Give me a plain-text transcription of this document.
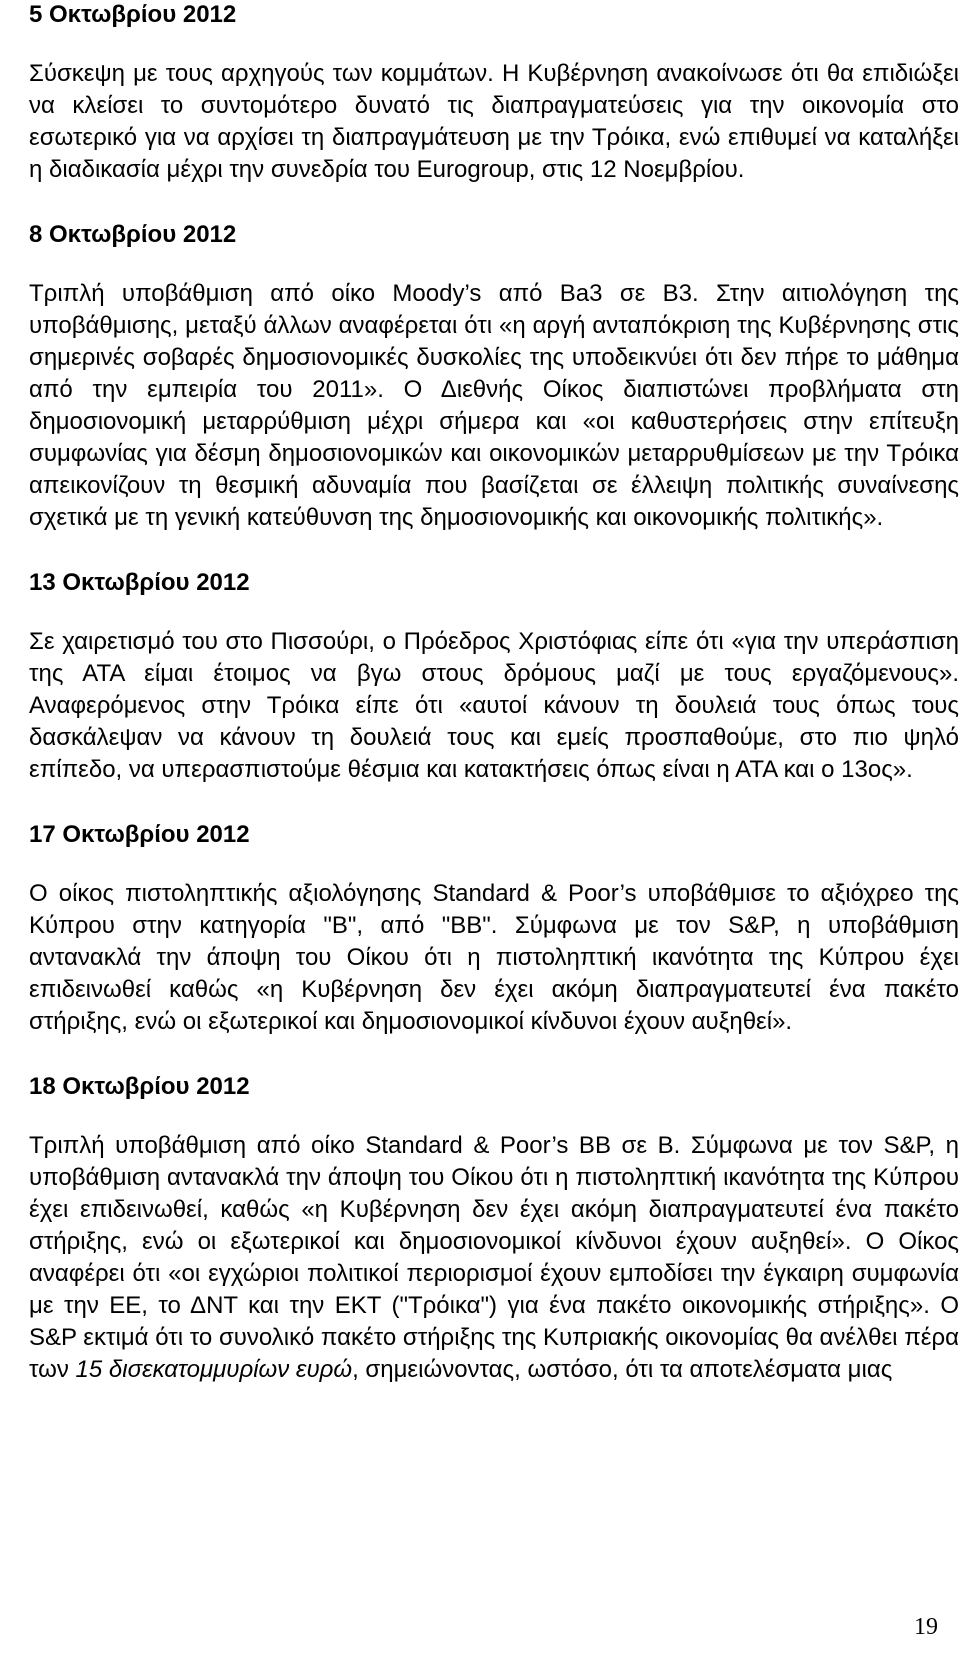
5 Οκτωβρίου 2012

Σύσκεψη με τους αρχηγούς των κομμάτων. Η Κυβέρνηση ανακοίνωσε ότι θα επιδιώξει να κλείσει το συντομότερο δυνατό τις διαπραγματεύσεις για την οικονομία στο εσωτερικό για να αρχίσει τη διαπραγμάτευση με την Τρόικα, ενώ επιθυμεί να καταλήξει η διαδικασία μέχρι την συνεδρία του Eurogroup, στις 12 Νοεμβρίου.

8 Οκτωβρίου 2012

Τριπλή υποβάθμιση από οίκο Moody’s από Ba3 σε B3. Στην αιτιολόγηση της υποβάθμισης, μεταξύ άλλων αναφέρεται ότι «η αργή ανταπόκριση της Κυβέρνησης στις σημερινές σοβαρές δημοσιονομικές δυσκολίες της υποδεικνύει ότι δεν πήρε το μάθημα από την εμπειρία του 2011». Ο Διεθνής Οίκος διαπιστώνει προβλήματα στη δημοσιονομική μεταρρύθμιση μέχρι σήμερα και «οι καθυστερήσεις στην επίτευξη συμφωνίας για δέσμη δημοσιονομικών και οικονομικών μεταρρυθμίσεων με την Τρόικα απεικονίζουν τη θεσμική αδυναμία που βασίζεται σε έλλειψη πολιτικής συναίνεσης σχετικά με τη γενική κατεύθυνση της δημοσιονομικής και οικονομικής πολιτικής».

13 Οκτωβρίου 2012

Σε χαιρετισμό του στο Πισσούρι, ο Πρόεδρος Χριστόφιας είπε ότι «για την υπεράσπιση της ΑΤΑ είμαι έτοιμος να βγω στους δρόμους μαζί με τους εργαζόμενους». Αναφερόμενος στην Τρόικα είπε ότι «αυτοί κάνουν τη δουλειά τους όπως τους δασκάλεψαν να κάνουν τη δουλειά τους και εμείς προσπαθούμε, στο πιο ψηλό επίπεδο, να υπερασπιστούμε θέσμια και κατακτήσεις όπως είναι η ΑΤΑ και ο 13ος».

17 Οκτωβρίου 2012

Ο οίκος πιστοληπτικής αξιολόγησης Standard & Poor’s υποβάθμισε το αξιόχρεο της Κύπρου στην κατηγορία "B", από "BB". Σύμφωνα με τον S&P, η υποβάθμιση αντανακλά την άποψη του Οίκου ότι η πιστοληπτική ικανότητα της Κύπρου έχει επιδεινωθεί καθώς «η Κυβέρνηση δεν έχει ακόμη διαπραγματευτεί ένα πακέτο στήριξης, ενώ οι εξωτερικοί και δημοσιονομικοί κίνδυνοι έχουν αυξηθεί».

18 Οκτωβρίου 2012

Τριπλή υποβάθμιση από οίκο Standard & Poor’s BB σε B. Σύμφωνα με τον S&P, η υποβάθμιση αντανακλά την άποψη του Οίκου ότι η πιστοληπτική ικανότητα της Κύπρου έχει επιδεινωθεί, καθώς «η Κυβέρνηση δεν έχει ακόμη διαπραγματευτεί ένα πακέτο στήριξης, ενώ οι εξωτερικοί και δημοσιονομικοί κίνδυνοι έχουν αυξηθεί». Ο Οίκος αναφέρει ότι «οι εγχώριοι πολιτικοί περιορισμοί έχουν εμποδίσει την έγκαιρη συμφωνία με την ΕΕ, το ΔΝΤ και την ΕΚΤ ("Τρόικα") για ένα πακέτο οικονομικής στήριξης». Ο S&P εκτιμά ότι το συνολικό πακέτο στήριξης της Κυπριακής οικονομίας θα ανέλθει πέρα των 15 δισεκατομμυρίων ευρώ, σημειώνοντας, ωστόσο, ότι τα αποτελέσματα μιας

19
